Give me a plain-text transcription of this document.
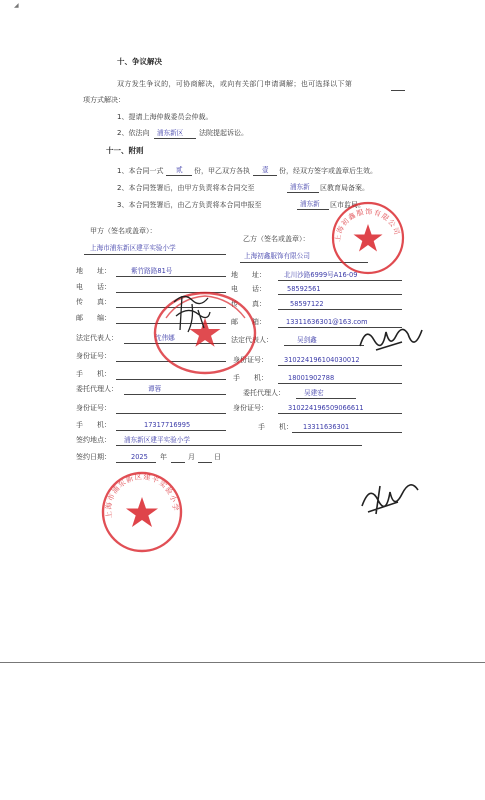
◢
十、争议解决
双方发生争议的，可协商解决，或向有关部门申请调解；也可选择以下第
项方式解决：
1、提请上海仲裁委员会仲裁。
2、依法向 浦东新区 法院提起诉讼。
十一、附则
1、本合同一式 贰 份，甲乙双方各执 壹 份，经双方签字或盖章后生效。
2、本合同签署后，由甲方负责将本合同交至	浦东新 区教育局备案。
3、本合同签署后，由乙方负责将本合同申报至	浦东新 区市监局。
甲方（签名或盖章）：
乙方（签名或盖章）：
上海市浦东新区建平实验小学
上海初鑫服饰有限公司
地　　址：	紫竹路路81号	地　　址：	北川沙路6999号A16-09
电　　话：	电　　话：	58592561
传　　真：	传　　真：	58597122
邮　　编：	邮　　箱：	13311636301@163.com
法定代表人：	沈伟娜	法定代表人：	吴剑鑫
身份证号：	身份证号： 310224196104030012
手　　机：	手　　机：	18001902788
委托代理人：	谭蓉	委托代理人：	吴建宏
身份证号：	身份证号：	310224196509066611
手　　机：	17317716995	手　　机： 13311636301
签约地点： 浦东新区建平实验小学
签约日期：	2025 年	月	日
上海初鑫服饰有限公司
上海市浦东新区建平实验小学
